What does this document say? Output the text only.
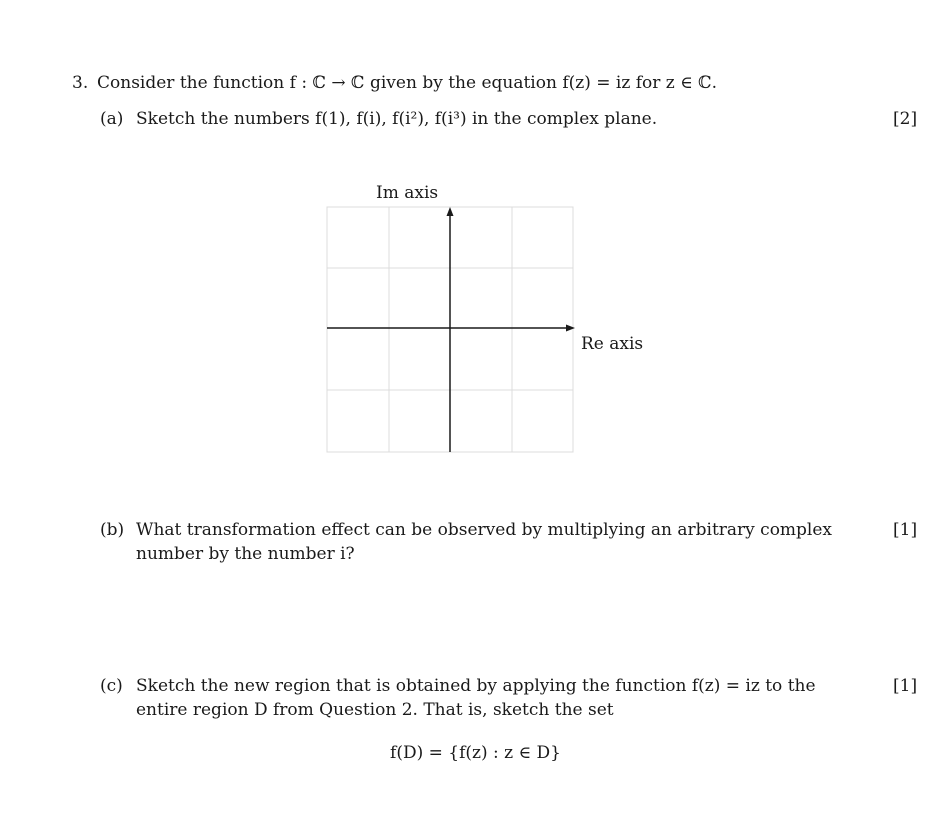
3. Consider the function f : ℂ → ℂ given by the equation f(z) = iz for z ∈ ℂ.
(a) Sketch the numbers f(1), f(i), f(i²), f(i³) in the complex plane.	[2]
Im axis
Re axis
(b) What transformation effect can be observed by multiplying an arbitrary complex
number by the number i?
[1]
(c) Sketch the new region that is obtained by applying the function f(z) = iz to the
entire region D from Question 2. That is, sketch the set
[1]
f(D) = {f(z) : z ∈ D}
